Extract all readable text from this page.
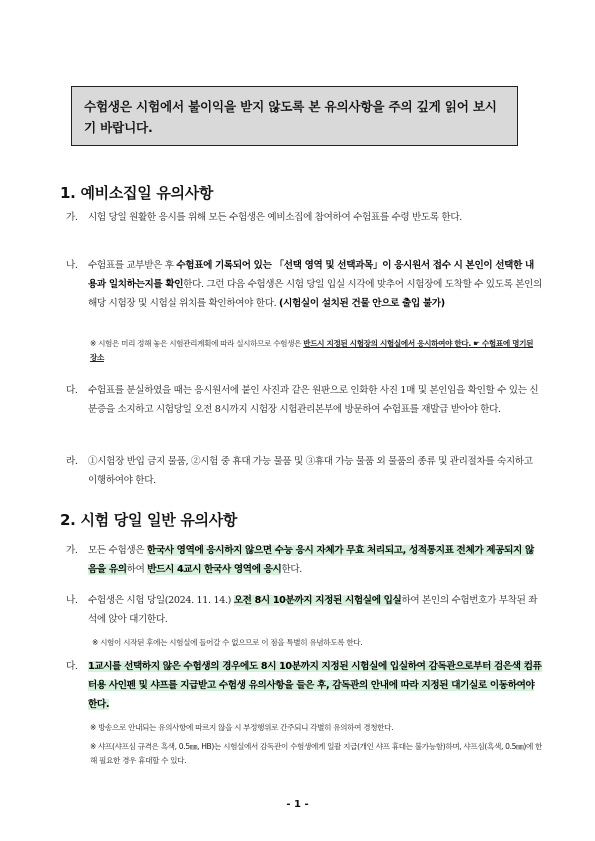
수험생은 시험에서 불이익을 받지 않도록 본 유의사항을 주의 깊게 읽어 보시기 바랍니다.
1. 예비소집일 유의사항
가.	시험 당일 원활한 응시를 위해 모든 수험생은 예비소집에 참여하여 수험표를 수령 반도록 한다.
나.	수험표를 교부받은 후 수험표에 기록되어 있는 「선택 영역 및 선택과목」이 응시원서 접수 시 본인이 선택한 내용과 일치하는지를 확인한다. 그런 다음 수험생은 시험 당일 입실 시각에 맞추어 시험장에 도착할 수 있도록 본인의 해당 시험장 및 시험실 위치를 확인하여야 한다. (시험실이 설치된 건물 안으로 출입 불가)
※ 시험은 미리 정해 놓은 시험관리계획에 따라 실시하므로 수험생은 반드시 지정된 시험장의 시험실에서 응시하여야 한다. ☛ 수험표에 명기된 장소
다.	수험표를 분실하였을 때는 응시원서에 붙인 사진과 같은 원판으로 인화한 사진 1매 및 본인임을 확인할 수 있는 신분증을 소지하고 시험당일 오전 8시까지 시험장 시험관리본부에 방문하여 수험표를 재발급 받아야 한다.
라.	①시험장 반입 금지 물품, ②시험 중 휴대 가능 물품 및 ③휴대 가능 물품 외 물품의 종류 및 관리절차를 숙지하고 이행하여야 한다.
2. 시험 당일 일반 유의사항
가.	모든 수험생은 한국사 영역에 응시하지 않으면 수능 응시 자체가 무효 처리되고, 성적통지표 전체가 제공되지 않음을 유의하여 반드시 4교시 한국사 영역에 응시한다.
나.	수험생은 시험 당일(2024. 11. 14.) 오전 8시 10분까지 지정된 시험실에 입실하여 본인의 수험번호가 부착된 좌석에 앉아 대기한다.
※ 시험이 시작된 후에는 시험실에 들어갈 수 없으므로 이 점을 특별히 유념하도록 한다.
다.	1교시를 선택하지 않은 수험생의 경우에도 8시 10분까지 지정된 시험실에 입실하여 감독관으로부터 검은색 컴퓨터용 사인펜 및 샤프를 지급받고 수험생 유의사항을 들은 후, 감독관의 안내에 따라 지정된 대기실로 이동하여야 한다.
※ 방송으로 안내되는 유의사항에 따르지 않을 시 부정행위로 간주되니 각별히 유의하여 경청한다.
※ 샤프(샤프심 규격은 흑색, 0.5㎜, HB)는 시험실에서 감독관이 수험생에게 일괄 지급(개인 샤프 휴대는 불가능함)하며, 샤프심(흑색, 0.5㎜)에 한해 필요한 경우 휴대할 수 있다.
- 1 -
